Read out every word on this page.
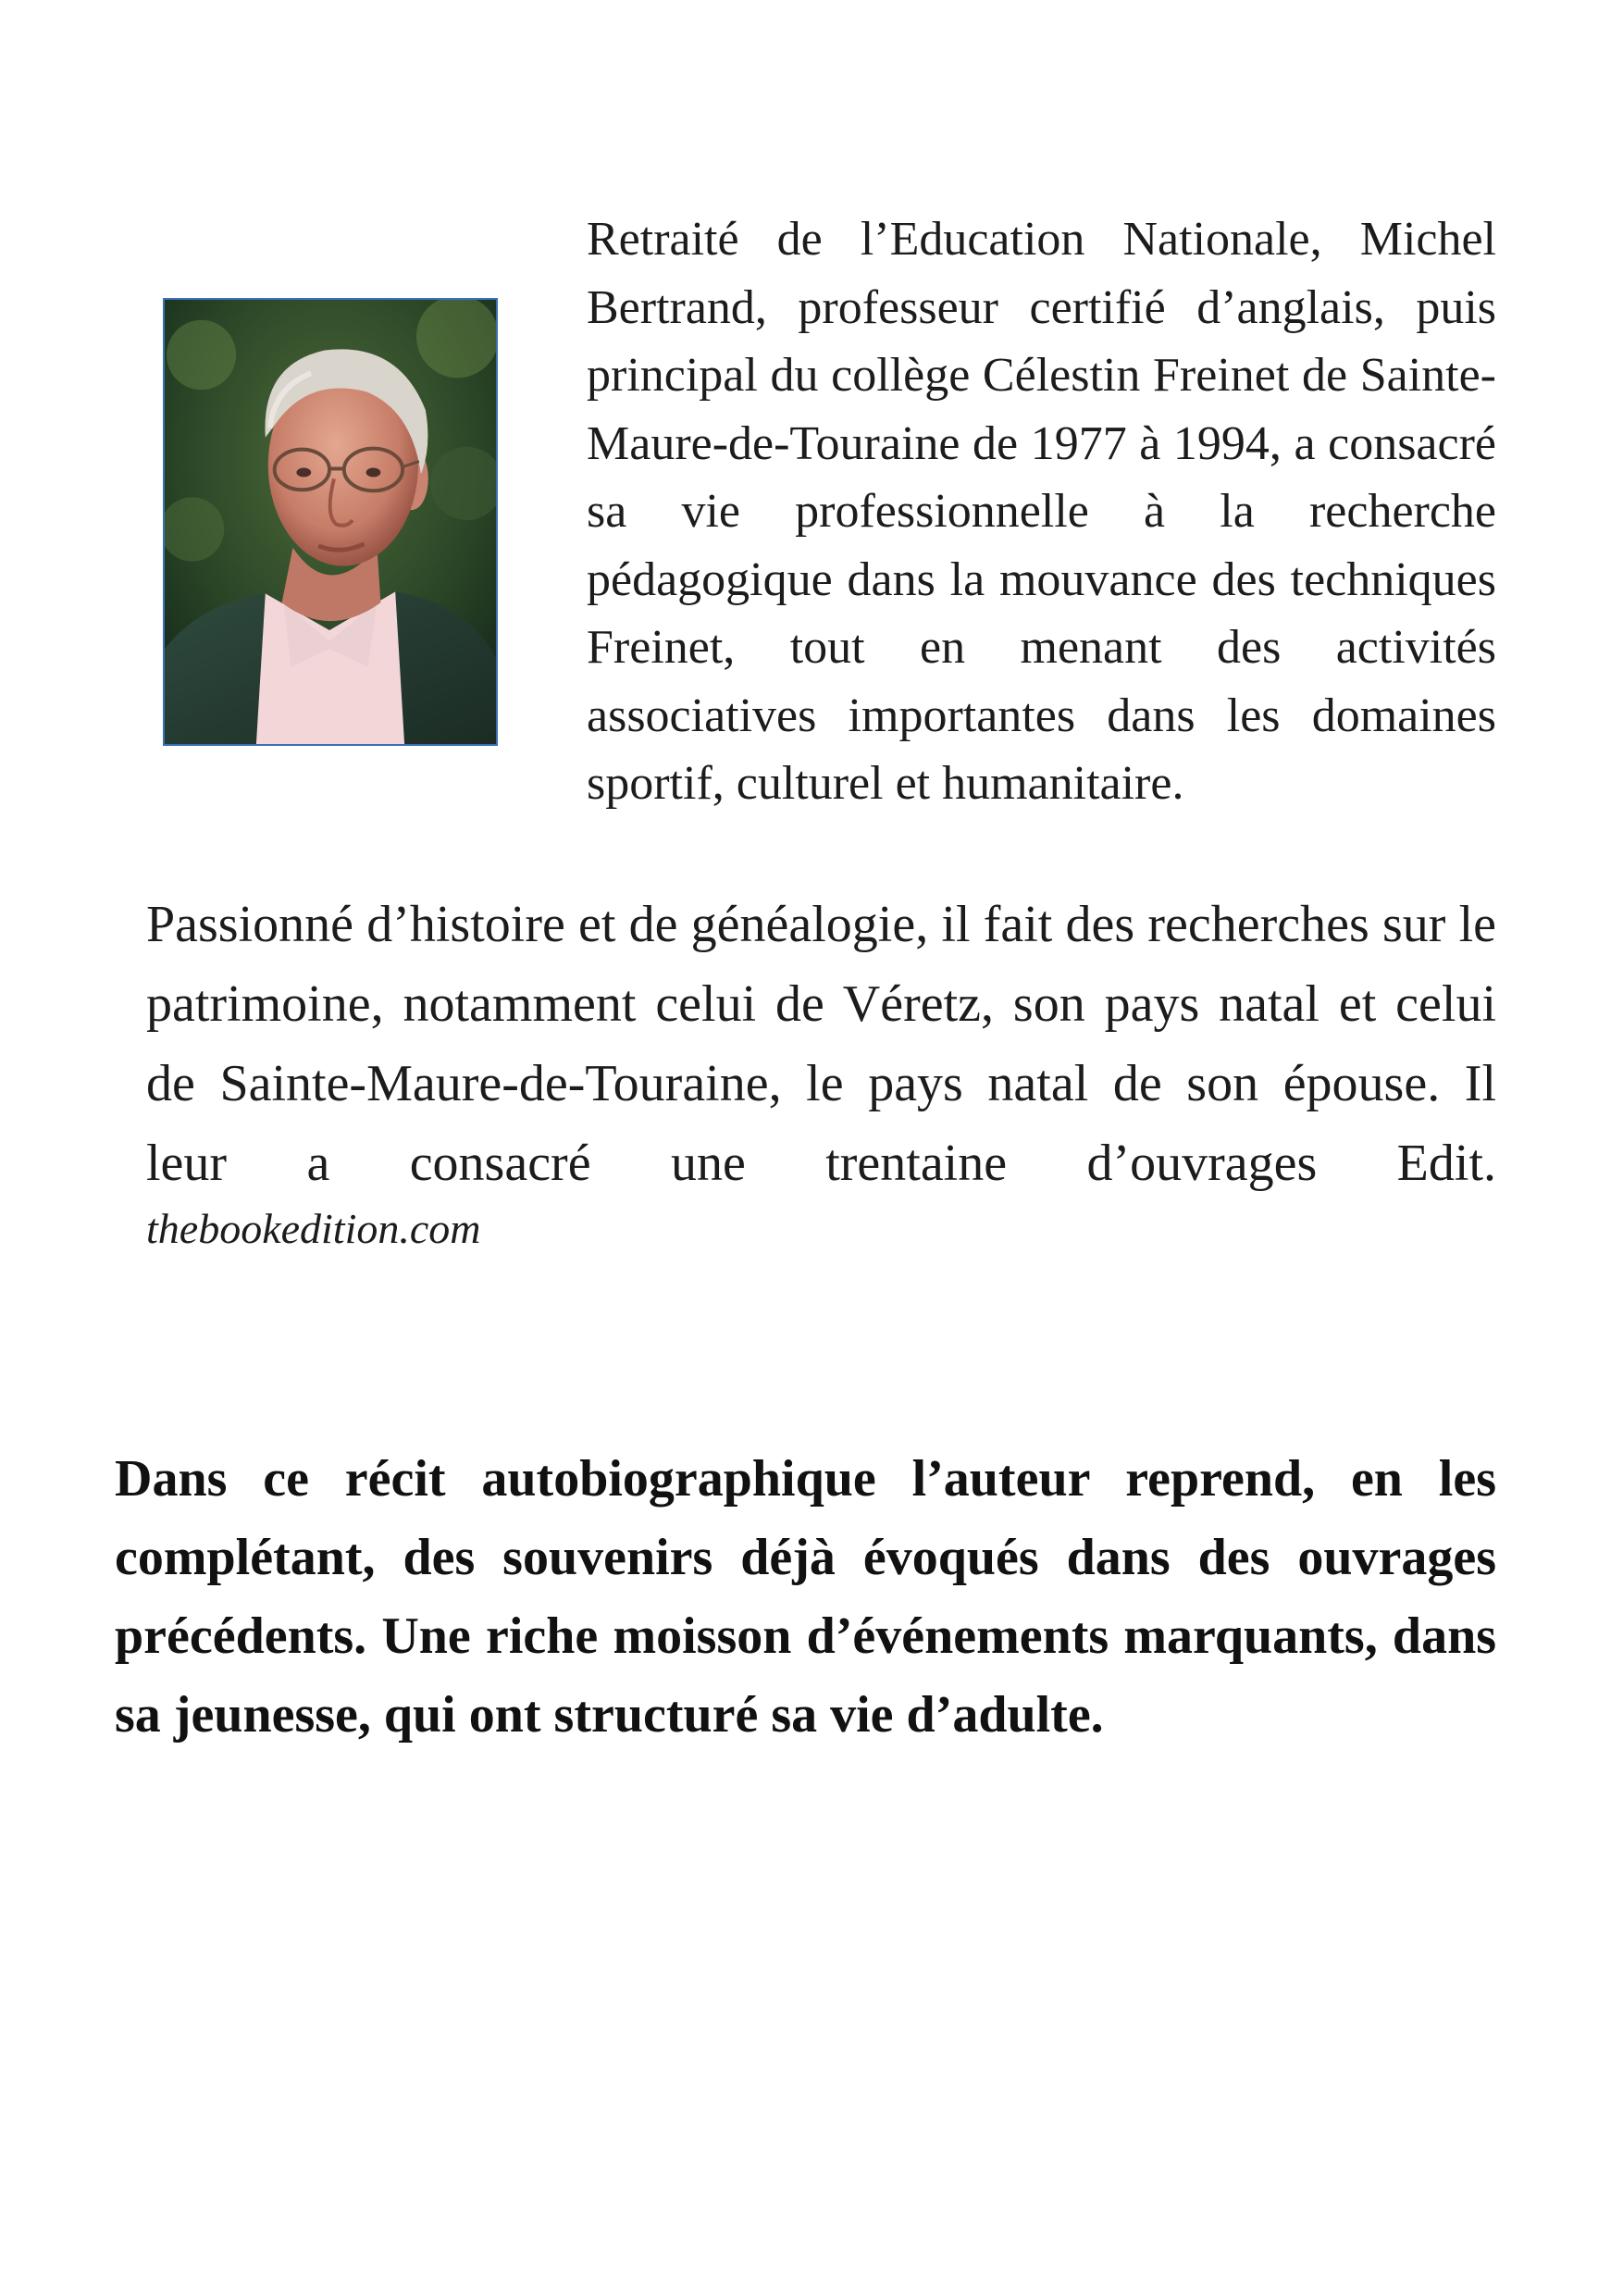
Retraité de l’Education Nationale, Michel Bertrand, professeur certifié d’anglais, puis principal du collège Célestin Freinet de Sainte-Maure-de-Touraine de 1977 à 1994, a consacré sa vie professionnelle à la recherche pédagogique dans la mouvance des techniques Freinet, tout en menant des activités associatives importantes dans les domaines sportif, culturel et humanitaire.

Passionné d’histoire et de généalogie, il fait des recherches sur le patrimoine, notamment celui de Véretz, son pays natal et celui de Sainte-Maure-de-Touraine, le pays natal de son épouse. Il leur a consacré une trentaine d’ouvrages Edit.

thebookedition.com

Dans ce récit autobiographique l’auteur reprend, en les complétant, des souvenirs déjà évoqués dans des ouvrages précédents. Une riche moisson d’événements marquants, dans sa jeunesse, qui ont structuré sa vie d’adulte.
